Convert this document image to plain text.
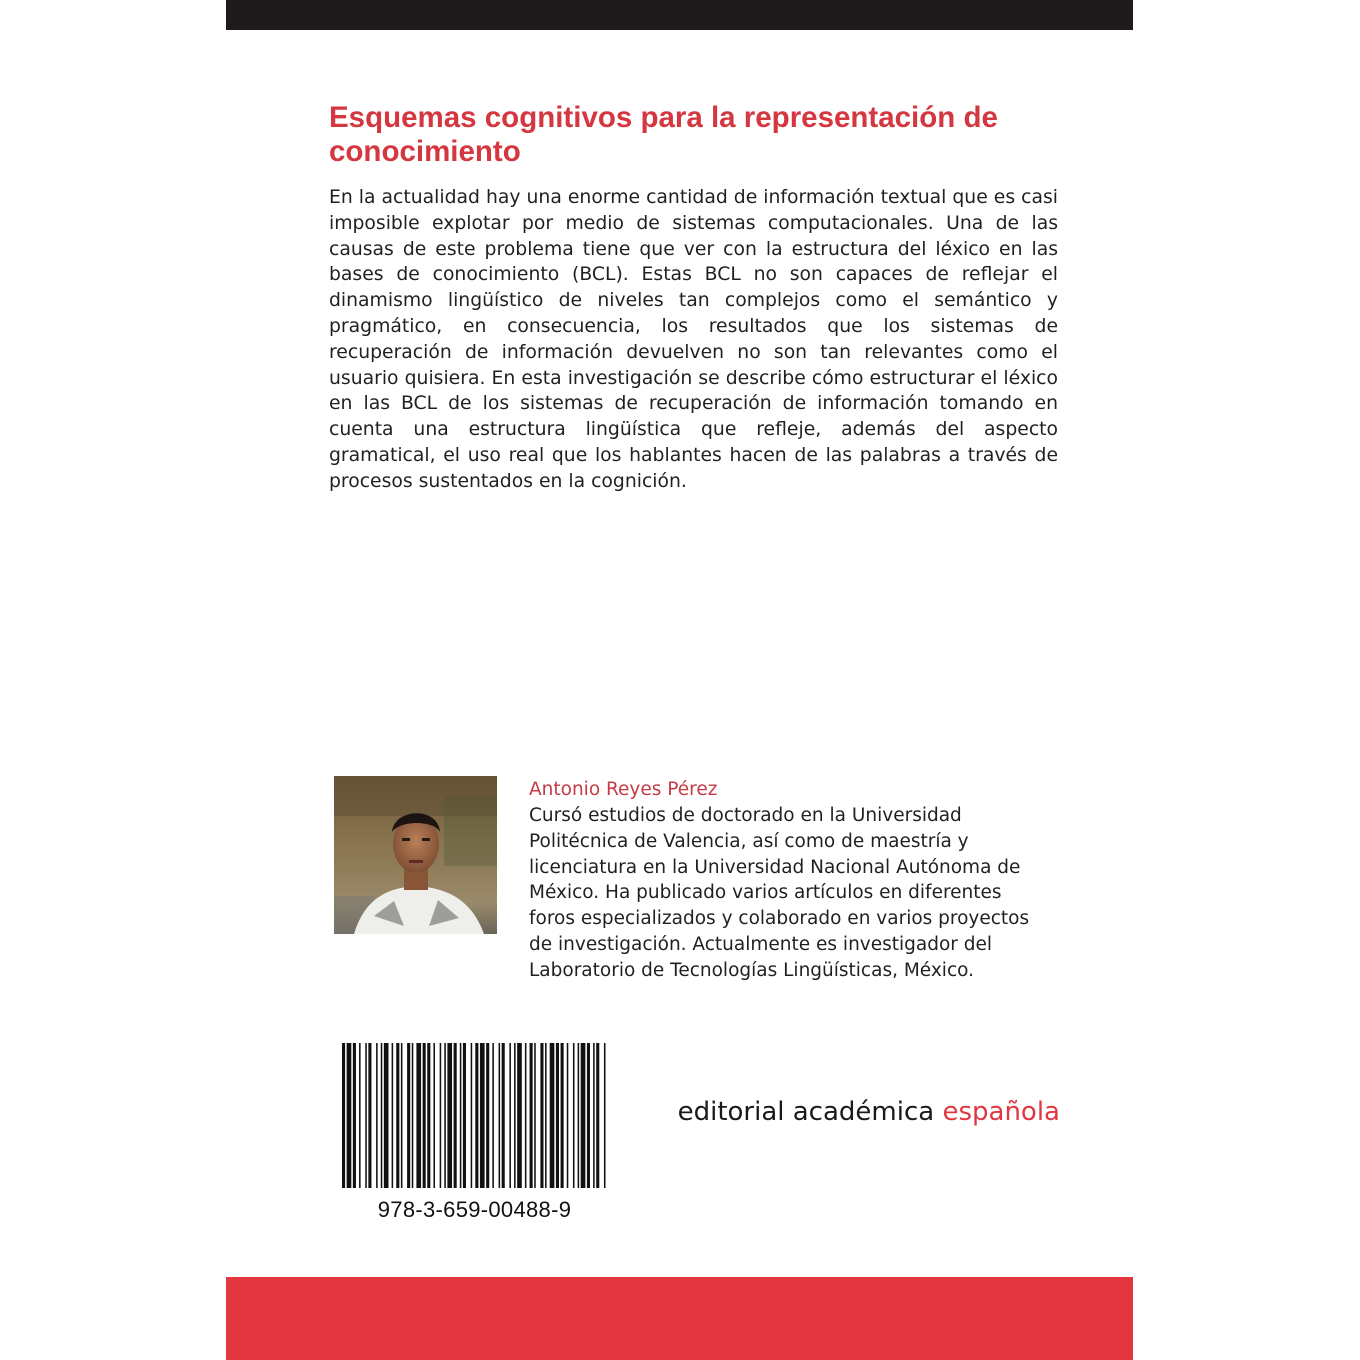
Esquemas cognitivos para la representación de conocimiento

En la actualidad hay una enorme cantidad de información textual que es casi imposible explotar por medio de sistemas computacionales. Una de las causas de este problema tiene que ver con la estructura del léxico en las bases de conocimiento (BCL). Estas BCL no son capaces de reflejar el dinamismo lingüístico de niveles tan complejos como el semántico y pragmático, en consecuencia, los resultados que los sistemas de recuperación de información devuelven no son tan relevantes como el usuario quisiera. En esta investigación se describe cómo estructurar el léxico en las BCL de los sistemas de recuperación de información tomando en cuenta una estructura lingüística que refleje, además del aspecto gramatical, el uso real que los hablantes hacen de las palabras a través de procesos sustentados en la cognición.

Antonio Reyes Pérez

Cursó estudios de doctorado en la Universidad Politécnica de Valencia, así como de maestría y licenciatura en la Universidad Nacional Autónoma de México. Ha publicado varios artículos en diferentes foros especializados y colaborado en varios proyectos de investigación. Actualmente es investigador del Laboratorio de Tecnologías Lingüísticas, México.

978-3-659-00488-9
editorial académica española
